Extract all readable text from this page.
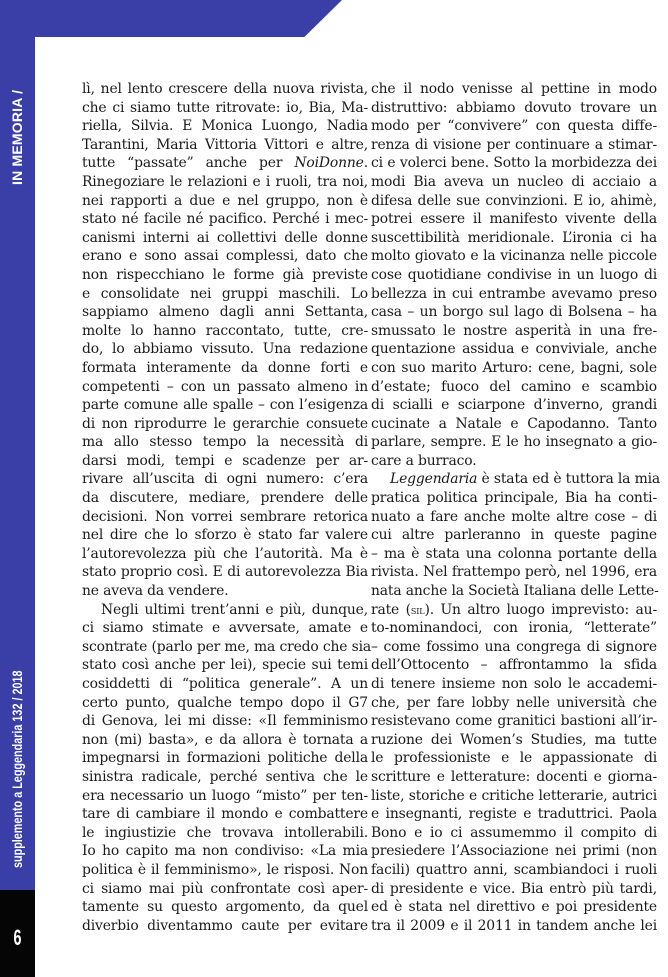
IN MEMORIA /
supplemento a Leggendaria 132 / 2018
6
lì, nel lento crescere della nuova rivista,
che ci siamo tutte ritrovate: io, Bia, Ma-
riella, Silvia. E Monica Luongo, Nadia
Tarantini, Maria Vittoria Vittori e altre,
tutte “passate” anche per NoiDonne.
Rinegoziare le relazioni e i ruoli, tra noi,
nei rapporti a due e nel gruppo, non è
stato né facile né pacifico. Perché i mec-
canismi interni ai collettivi delle donne
erano e sono assai complessi, dato che
non rispecchiano le forme già previste
e consolidate nei gruppi maschili. Lo
sappiamo almeno dagli anni Settanta,
molte lo hanno raccontato, tutte, cre-
do, lo abbiamo vissuto. Una redazione
formata interamente da donne forti e
competenti – con un passato almeno in
parte comune alle spalle – con l’esigenza
di non riprodurre le gerarchie consuete
ma allo stesso tempo la necessità di
darsi modi, tempi e scadenze per ar-
rivare all’uscita di ogni numero: c’era
da discutere, mediare, prendere delle
decisioni. Non vorrei sembrare retorica
nel dire che lo sforzo è stato far valere
l’autorevolezza più che l’autorità. Ma è
stato proprio così. E di autorevolezza Bia
ne aveva da vendere.
Negli ultimi trent’anni e più, dunque,
ci siamo stimate e avversate, amate e
scontrate (parlo per me, ma credo che sia
stato così anche per lei), specie sui temi
cosiddetti di “politica generale”. A un
certo punto, qualche tempo dopo il G7
di Genova, lei mi disse: «Il femminismo
non (mi) basta», e da allora è tornata a
impegnarsi in formazioni politiche della
sinistra radicale, perché sentiva che le
era necessario un luogo “misto” per ten-
tare di cambiare il mondo e combattere
le ingiustizie che trovava intollerabili.
Io ho capito ma non condiviso: «La mia
politica è il femminismo», le risposi. Non
ci siamo mai più confrontate così aper-
tamente su questo argomento, da quel
diverbio diventammo caute per evitare
che il nodo venisse al pettine in modo
distruttivo: abbiamo dovuto trovare un
modo per “convivere” con questa diffe-
renza di visione per continuare a stimar-
ci e volerci bene. Sotto la morbidezza dei
modi Bia aveva un nucleo di acciaio a
difesa delle sue convinzioni. E io, ahimè,
potrei essere il manifesto vivente della
suscettibilità meridionale. L’ironia ci ha
molto giovato e la vicinanza nelle piccole
cose quotidiane condivise in un luogo di
bellezza in cui entrambe avevamo preso
casa – un borgo sul lago di Bolsena – ha
smussato le nostre asperità in una fre-
quentazione assidua e conviviale, anche
con suo marito Arturo: cene, bagni, sole
d’estate; fuoco del camino e scambio
di scialli e sciarpone d’inverno, grandi
cucinate a Natale e Capodanno. Tanto
parlare, sempre. E le ho insegnato a gio-
care a burraco.
Leggendaria è stata ed è tuttora la mia
pratica politica principale, Bia ha conti-
nuato a fare anche molte altre cose – di
cui altre parleranno in queste pagine
– ma è stata una colonna portante della
rivista. Nel frattempo però, nel 1996, era
nata anche la Società Italiana delle Lette-
rate (sil). Un altro luogo imprevisto: au-
to-nominandoci, con ironia, “letterate”
– come fossimo una congrega di signore
dell’Ottocento – affrontammo la sfida
di tenere insieme non solo le accademi-
che, per fare lobby nelle università che
resistevano come granitici bastioni all’ir-
ruzione dei Women’s Studies, ma tutte
le professioniste e le appassionate di
scritture e letterature: docenti e giorna-
liste, storiche e critiche letterarie, autrici
e insegnanti, registe e traduttrici. Paola
Bono e io ci assumemmo il compito di
presiedere l’Associazione nei primi (non
facili) quattro anni, scambiandoci i ruoli
di presidente e vice. Bia entrò più tardi,
ed è stata nel direttivo e poi presidente
tra il 2009 e il 2011 in tandem anche lei
